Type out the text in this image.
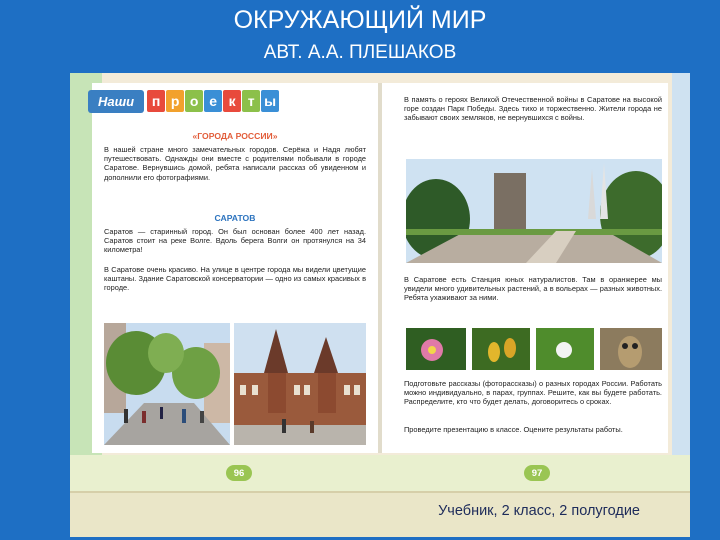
ОКРУЖАЮЩИЙ МИР
АВТ. А.А. ПЛЕШАКОВ
Наши	п р о е к т ы
«ГОРОДА РОССИИ»
В нашей стране много замечательных городов. Серёжа и Надя любят путешествовать. Однажды они вместе с родителями побывали в городе Саратове. Вернувшись домой, ребята написали рассказ об увиденном и дополнили его фотографиями.
САРАТОВ
Саратов — старинный город. Он был основан более 400 лет назад. Саратов стоит на реке Волге. Вдоль берега Волги он протянулся на 34 километра!
В Саратове очень красиво. На улице в центре города мы видели цветущие каштаны. Здание Саратовской консерватории — одно из самых красивых в городе.
В память о героях Великой Отечественной войны в Саратове на высокой горе создан Парк Победы. Здесь тихо и торжественно. Жители города не забывают своих земляков, не вернувшихся с войны.
В Саратове есть Станция юных натуралистов. Там в оранжерее мы увидели много удивительных растений, а в вольерах — разных животных. Ребята ухаживают за ними.
Подготовьте рассказы (фоторассказы) о разных городах России. Работать можно индивидуально, в парах, группах. Решите, как вы будете работать. Распределите, кто что будет делать, договоритесь о сроках.
Проведите презентацию в классе. Оцените результаты работы.
96	97
Учебник, 2 класс, 2 полугодие
